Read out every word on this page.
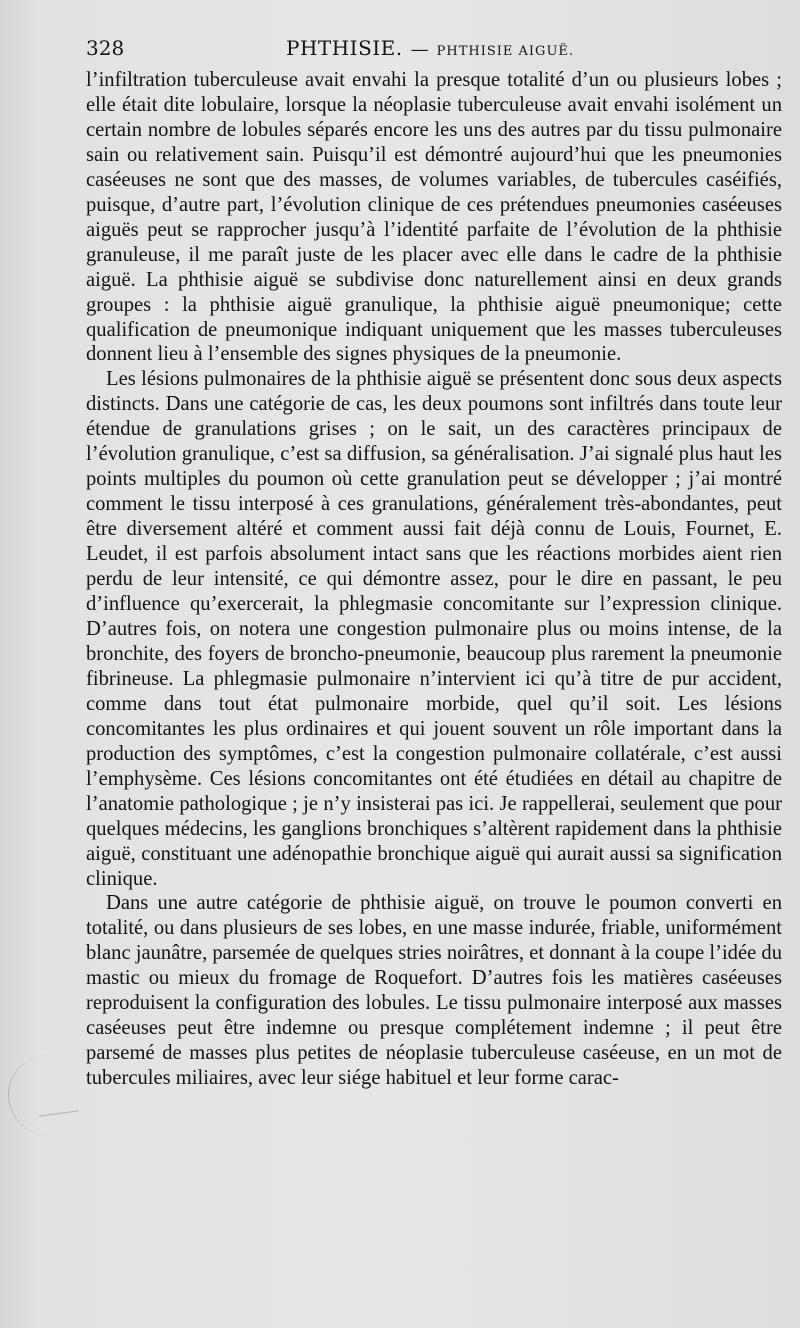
328	PHTHISIE. — PHTHISIE AIGUË.

l’infiltration tuberculeuse avait envahi la presque totalité d’un ou plusieurs lobes ; elle était dite lobulaire, lorsque la néoplasie tuberculeuse avait envahi isolément un certain nombre de lobules séparés encore les uns des autres par du tissu pulmonaire sain ou relativement sain. Puisqu’il est démontré aujourd’hui que les pneumonies caséeuses ne sont que des masses, de volumes variables, de tubercules caséifiés, puisque, d’autre part, l’évolution clinique de ces prétendues pneumonies caséeuses aiguës peut se rapprocher jusqu’à l’identité parfaite de l’évolution de la phthisie granuleuse, il me paraît juste de les placer avec elle dans le cadre de la phthisie aiguë. La phthisie aiguë se subdivise donc naturellement ainsi en deux grands groupes : la phthisie aiguë granulique, la phthisie aiguë pneumonique; cette qualification de pneumonique indiquant uniquement que les masses tuberculeuses donnent lieu à l’ensemble des signes physiques de la pneumonie.

Les lésions pulmonaires de la phthisie aiguë se présentent donc sous deux aspects distincts. Dans une catégorie de cas, les deux poumons sont infiltrés dans toute leur étendue de granulations grises ; on le sait, un des caractères principaux de l’évolution granulique, c’est sa diffusion, sa généralisation. J’ai signalé plus haut les points multiples du poumon où cette granulation peut se développer ; j’ai montré comment le tissu interposé à ces granulations, généralement très-abondantes, peut être diversement altéré et comment aussi fait déjà connu de Louis, Fournet, E. Leudet, il est parfois absolument intact sans que les réactions morbides aient rien perdu de leur intensité, ce qui démontre assez, pour le dire en passant, le peu d’influence qu’exercerait, la phlegmasie concomitante sur l’expression clinique. D’autres fois, on notera une congestion pulmonaire plus ou moins intense, de la bronchite, des foyers de broncho-pneumonie, beaucoup plus rarement la pneumonie fibrineuse. La phlegmasie pulmonaire n’intervient ici qu’à titre de pur accident, comme dans tout état pulmonaire morbide, quel qu’il soit. Les lésions concomitantes les plus ordinaires et qui jouent souvent un rôle important dans la production des symptômes, c’est la congestion pulmonaire collatérale, c’est aussi l’emphysème. Ces lésions concomitantes ont été étudiées en détail au chapitre de l’anatomie pathologique ; je n’y insisterai pas ici. Je rappellerai, seulement que pour quelques médecins, les ganglions bronchiques s’altèrent rapidement dans la phthisie aiguë, constituant une adénopathie bronchique aiguë qui aurait aussi sa signification clinique.

Dans une autre catégorie de phthisie aiguë, on trouve le poumon converti en totalité, ou dans plusieurs de ses lobes, en une masse indurée, friable, uniformément blanc jaunâtre, parsemée de quelques stries noirâtres, et donnant à la coupe l’idée du mastic ou mieux du fromage de Roquefort. D’autres fois les matières caséeuses reproduisent la configuration des lobules. Le tissu pulmonaire interposé aux masses caséeuses peut être indemne ou presque complétement indemne ; il peut être parsemé de masses plus petites de néoplasie tuberculeuse caséeuse, en un mot de tubercules miliaires, avec leur siége habituel et leur forme carac-
